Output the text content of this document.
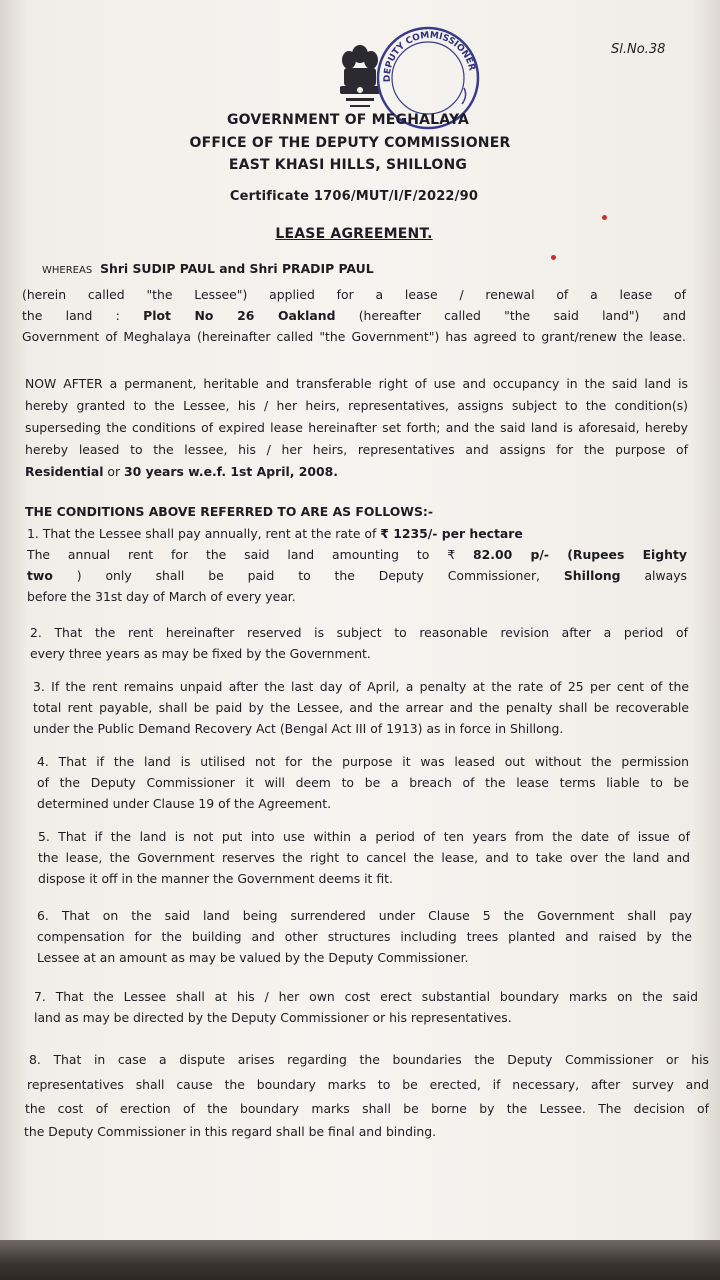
DEPUTY COMMISSIONER
Sl.No.38
GOVERNMENT OF MEGHALAYA
OFFICE OF THE DEPUTY COMMISSIONER
EAST KHASI HILLS, SHILLONG
Certificate 1706/MUT/I/F/2022/90
LEASE AGREEMENT.
WHEREAS Shri SUDIP PAUL and Shri PRADIP PAUL
(herein called "the Lessee") applied for a lease / renewal of a lease of
the land : Plot No 26 Oakland (hereafter called "the said land") and
Government of Meghalaya (hereinafter called "the Government") has agreed to grant/renew the lease.
NOW AFTER a permanent, heritable and transferable right of use and occupancy in the said land is
hereby granted to the Lessee, his / her heirs, representatives, assigns subject to the condition(s)
superseding the conditions of expired lease hereinafter set forth; and the said land is aforesaid, hereby
hereby leased to the lessee, his / her heirs, representatives and assigns for the purpose of
Residential or 30 years w.e.f. 1st April, 2008.
THE CONDITIONS ABOVE REFERRED TO ARE AS FOLLOWS:-
1. That the Lessee shall pay annually, rent at the rate of ₹ 1235/- per hectare
The annual rent for the said land amounting to ₹ 82.00 p/- (Rupees Eighty
two ) only shall be paid to the Deputy Commissioner, Shillong always
before the 31st day of March of every year.
2. That the rent hereinafter reserved is subject to reasonable revision after a period of
every three years as may be fixed by the Government.
3. If the rent remains unpaid after the last day of April, a penalty at the rate of 25 per cent of the
total rent payable, shall be paid by the Lessee, and the arrear and the penalty shall be recoverable
under the Public Demand Recovery Act (Bengal Act III of 1913) as in force in Shillong.
4. That if the land is utilised not for the purpose it was leased out without the permission
of the Deputy Commissioner it will deem to be a breach of the lease terms liable to be
determined under Clause 19 of the Agreement.
5. That if the land is not put into use within a period of ten years from the date of issue of
the lease, the Government reserves the right to cancel the lease, and to take over the land and
dispose it off in the manner the Government deems it fit.
6. That on the said land being surrendered under Clause 5 the Government shall pay
compensation for the building and other structures including trees planted and raised by the
Lessee at an amount as may be valued by the Deputy Commissioner.
7. That the Lessee shall at his / her own cost erect substantial boundary marks on the said
land as may be directed by the Deputy Commissioner or his representatives.
8. That in case a dispute arises regarding the boundaries the Deputy Commissioner or his
representatives shall cause the boundary marks to be erected, if necessary, after survey and
the cost of erection of the boundary marks shall be borne by the Lessee. The decision of
the Deputy Commissioner in this regard shall be final and binding.
